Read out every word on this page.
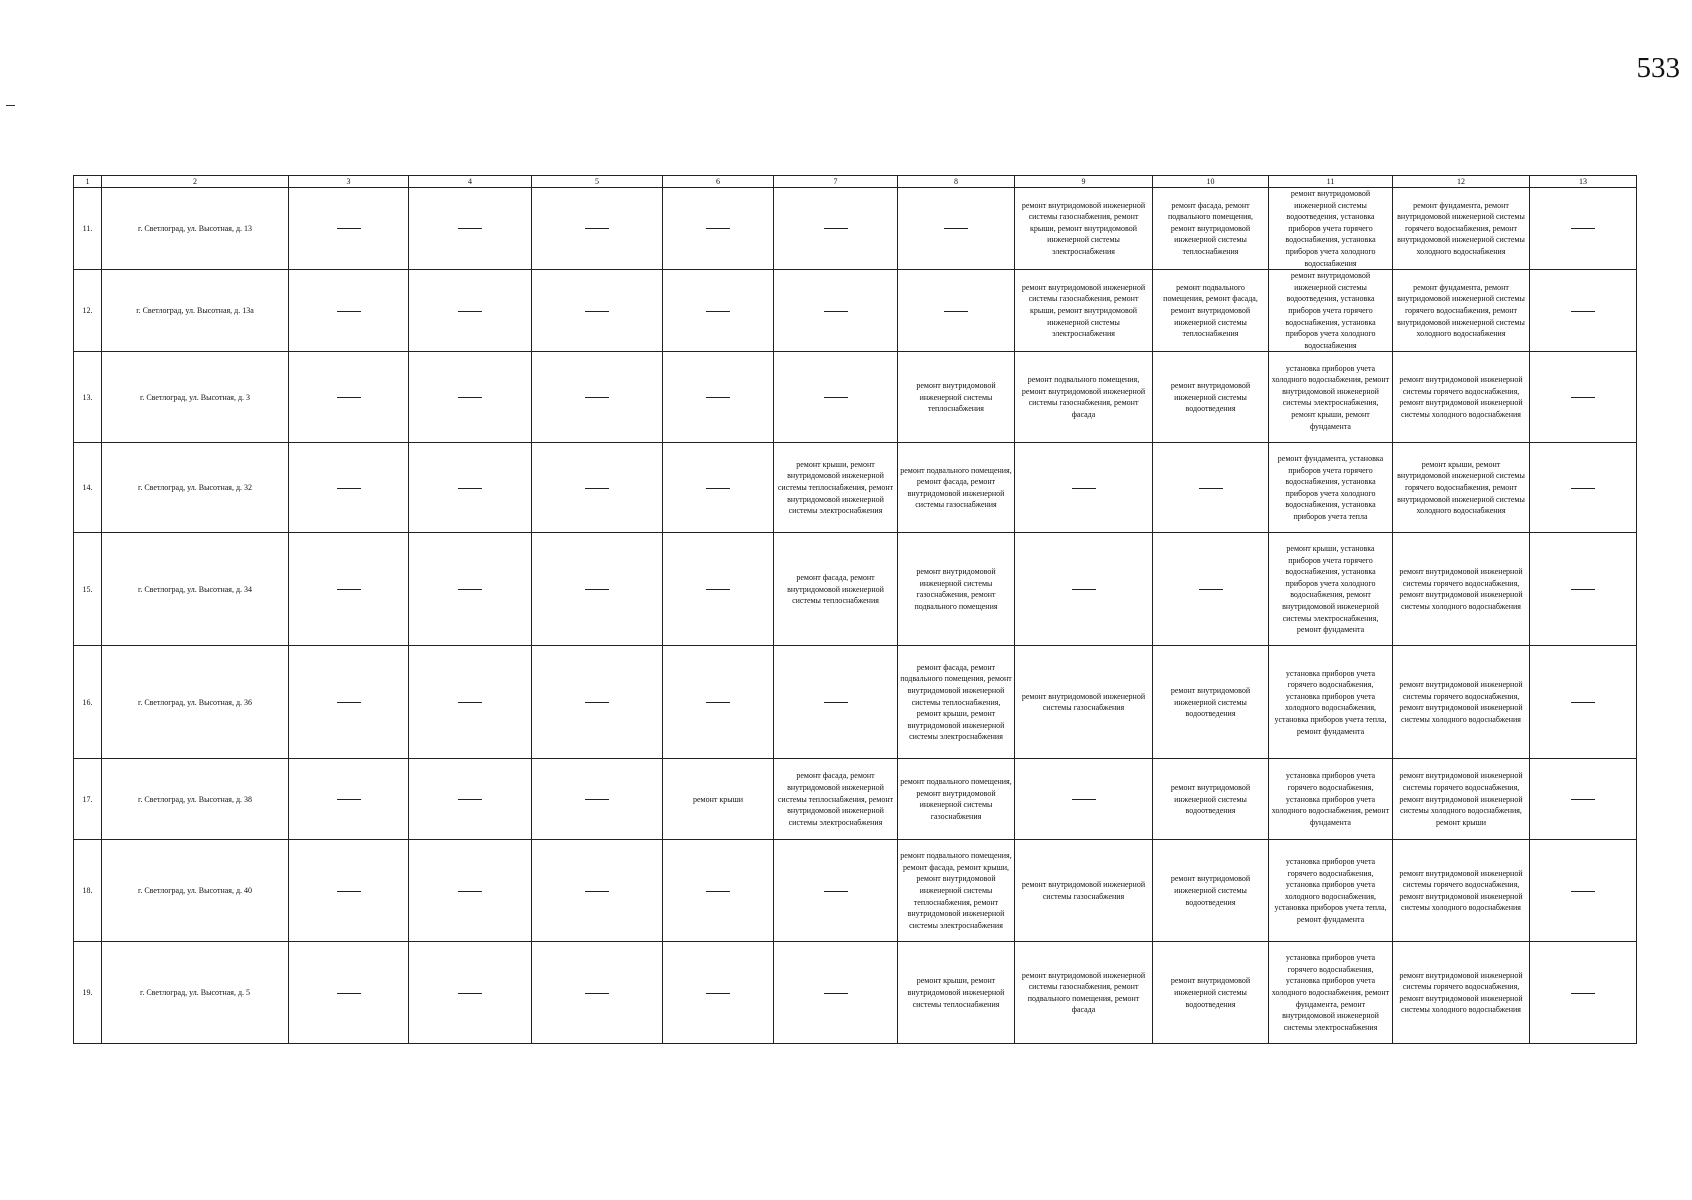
533
1	2	3	4	5	6	7	8	9	10	11	12	13
11.	г. Светлоград, ул. Высотная, д. 13							ремонт внутридомовой инженерной системы газоснабжения, ремонт крыши, ремонт внутридомовой инженерной системы электроснабжения	ремонт фасада, ремонт подвального помещения, ремонт внутридомовой инженерной системы теплоснабжения	ремонт внутридомовой инженерной системы водоотведения, установка приборов учета горячего водоснабжения, установка приборов учета холодного водоснабжения	ремонт фундамента, ремонт внутридомовой инженерной системы горячего водоснабжения, ремонт внутридомовой инженерной системы холодного водоснабжения	
12.	г. Светлоград, ул. Высотная, д. 13а							ремонт внутридомовой инженерной системы газоснабжения, ремонт крыши, ремонт внутридомовой инженерной системы электроснабжения	ремонт подвального помещения, ремонт фасада, ремонт внутридомовой инженерной системы теплоснабжения	ремонт внутридомовой инженерной системы водоотведения, установка приборов учета горячего водоснабжения, установка приборов учета холодного водоснабжения	ремонт фундамента, ремонт внутридомовой инженерной системы горячего водоснабжения, ремонт внутридомовой инженерной системы холодного водоснабжения	
13.	г. Светлоград, ул. Высотная, д. 3						ремонт внутридомовой инженерной системы теплоснабжения	ремонт подвального помещения, ремонт внутридомовой инженерной системы газоснабжения, ремонт фасада	ремонт внутридомовой инженерной системы водоотведения	установка приборов учета холодного водоснабжения, ремонт внутридомовой инженерной системы электроснабжения, ремонт крыши, ремонт фундамента	ремонт внутридомовой инженерной системы горячего водоснабжения, ремонт внутридомовой инженерной системы холодного водоснабжения	
14.	г. Светлоград, ул. Высотная, д. 32					ремонт крыши, ремонт внутридомовой инженерной системы теплоснабжения, ремонт внутридомовой инженерной системы электроснабжения	ремонт подвального помещения, ремонт фасада, ремонт внутридомовой инженерной системы газоснабжения			ремонт фундамента, установка приборов учета горячего водоснабжения, установка приборов учета холодного водоснабжения, установка приборов учета тепла	ремонт крыши, ремонт внутридомовой инженерной системы горячего водоснабжения, ремонт внутридомовой инженерной системы холодного водоснабжения	
15.	г. Светлоград, ул. Высотная, д. 34					ремонт фасада, ремонт внутридомовой инженерной системы теплоснабжения	ремонт внутридомовой инженерной системы газоснабжения, ремонт подвального помещения			ремонт крыши, установка приборов учета горячего водоснабжения, установка приборов учета холодного водоснабжения, ремонт внутридомовой инженерной системы электроснабжения, ремонт фундамента	ремонт внутридомовой инженерной системы горячего водоснабжения, ремонт внутридомовой инженерной системы холодного водоснабжения	
16.	г. Светлоград, ул. Высотная, д. 36						ремонт фасада, ремонт подвального помещения, ремонт внутридомовой инженерной системы теплоснабжения, ремонт крыши, ремонт внутридомовой инженерной системы электроснабжения	ремонт внутридомовой инженерной системы газоснабжения	ремонт внутридомовой инженерной системы водоотведения	установка приборов учета горячего водоснабжения, установка приборов учета холодного водоснабжения, установка приборов учета тепла, ремонт фундамента	ремонт внутридомовой инженерной системы горячего водоснабжения, ремонт внутридомовой инженерной системы холодного водоснабжения	
17.	г. Светлоград, ул. Высотная, д. 38				ремонт крыши	ремонт фасада, ремонт внутридомовой инженерной системы теплоснабжения, ремонт внутридомовой инженерной системы электроснабжения	ремонт подвального помещения, ремонт внутридомовой инженерной системы газоснабжения		ремонт внутридомовой инженерной системы водоотведения	установка приборов учета горячего водоснабжения, установка приборов учета холодного водоснабжения, ремонт фундамента	ремонт внутридомовой инженерной системы горячего водоснабжения, ремонт внутридомовой инженерной системы холодного водоснабжения, ремонт крыши	
18.	г. Светлоград, ул. Высотная, д. 40						ремонт подвального помещения, ремонт фасада, ремонт крыши, ремонт внутридомовой инженерной системы теплоснабжения, ремонт внутридомовой инженерной системы электроснабжения	ремонт внутридомовой инженерной системы газоснабжения	ремонт внутридомовой инженерной системы водоотведения	установка приборов учета горячего водоснабжения, установка приборов учета холодного водоснабжения, установка приборов учета тепла, ремонт фундамента	ремонт внутридомовой инженерной системы горячего водоснабжения, ремонт внутридомовой инженерной системы холодного водоснабжения	
19.	г. Светлоград, ул. Высотная, д. 5						ремонт крыши, ремонт внутридомовой инженерной системы теплоснабжения	ремонт внутридомовой инженерной системы газоснабжения, ремонт подвального помещения, ремонт фасада	ремонт внутридомовой инженерной системы водоотведения	установка приборов учета горячего водоснабжения, установка приборов учета холодного водоснабжения, ремонт фундамента, ремонт внутридомовой инженерной системы электроснабжения	ремонт внутридомовой инженерной системы горячего водоснабжения, ремонт внутридомовой инженерной системы холодного водоснабжения	
